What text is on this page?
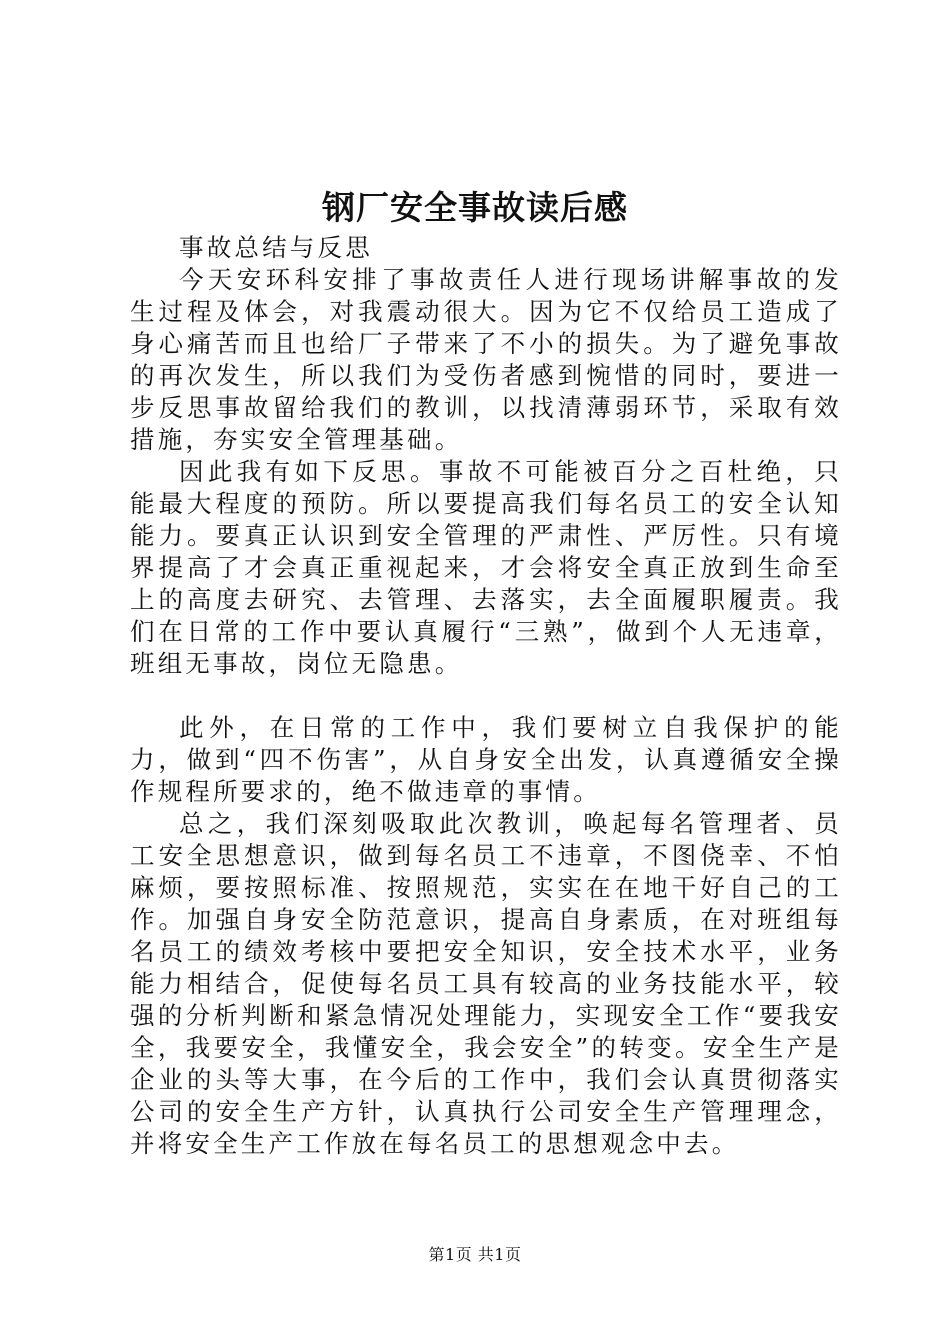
钢厂安全事故读后感

事故总结与反思

今天安环科安排了事故责任人进行现场讲解事故的发生过程及体会，对我震动很大。因为它不仅给员工造成了身心痛苦而且也给厂子带来了不小的损失。为了避免事故的再次发生，所以我们为受伤者感到惋惜的同时，要进一步反思事故留给我们的教训，以找清薄弱环节，采取有效措施，夯实安全管理基础。

因此我有如下反思。事故不可能被百分之百杜绝，只能最大程度的预防。所以要提高我们每名员工的安全认知能力。要真正认识到安全管理的严肃性、严厉性。只有境界提高了才会真正重视起来，才会将安全真正放到生命至上的高度去研究、去管理、去落实，去全面履职履责。我们在日常的工作中要认真履行“三熟”，做到个人无违章，班组无事故，岗位无隐患。

此外，在日常的工作中，我们要树立自我保护的能力，做到“四不伤害”，从自身安全出发，认真遵循安全操作规程所要求的，绝不做违章的事情。

总之，我们深刻吸取此次教训，唤起每名管理者、员工安全思想意识，做到每名员工不违章，不图侥幸、不怕麻烦，要按照标准、按照规范，实实在在地干好自己的工作。加强自身安全防范意识，提高自身素质，在对班组每名员工的绩效考核中要把安全知识，安全技术水平，业务能力相结合，促使每名员工具有较高的业务技能水平，较强的分析判断和紧急情况处理能力，实现安全工作“要我安全，我要安全，我懂安全，我会安全”的转变。安全生产是企业的头等大事，在今后的工作中，我们会认真贯彻落实公司的安全生产方针，认真执行公司安全生产管理理念，并将安全生产工作放在每名员工的思想观念中去。

第1页 共1页
